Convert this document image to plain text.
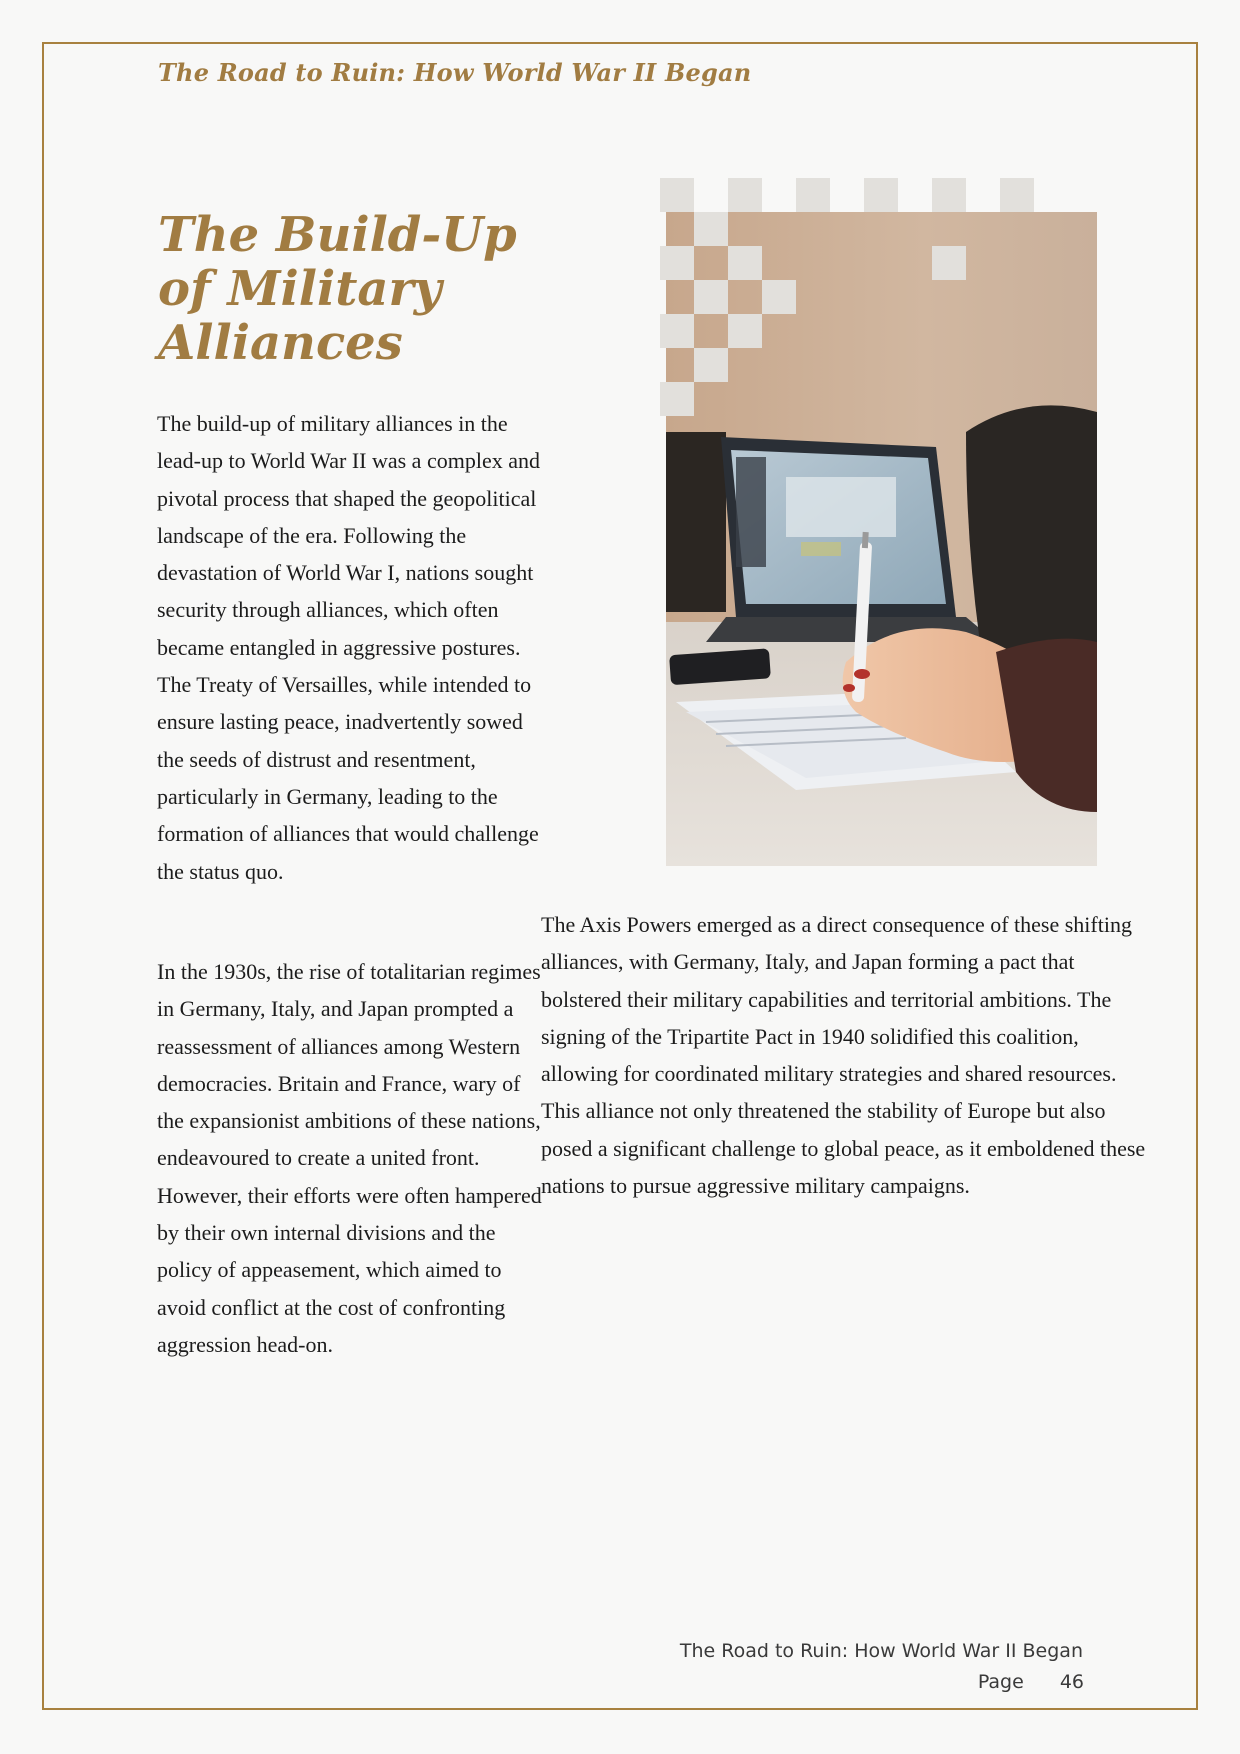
The Road to Ruin: How World War II Began
The Build-Up
of Military
Alliances

The build-up of military alliances in the
lead-up to World War II was a complex and
pivotal process that shaped the geopolitical
landscape of the era. Following the
devastation of World War I, nations sought
security through alliances, which often
became entangled in aggressive postures.
The Treaty of Versailles, while intended to
ensure lasting peace, inadvertently sowed
the seeds of distrust and resentment,
particularly in Germany, leading to the
formation of alliances that would challenge
the status quo.

In the 1930s, the rise of totalitarian regimes
in Germany, Italy, and Japan prompted a
reassessment of alliances among Western
democracies. Britain and France, wary of
the expansionist ambitions of these nations,
endeavoured to create a united front.
However, their efforts were often hampered
by their own internal divisions and the
policy of appeasement, which aimed to
avoid conflict at the cost of confronting
aggression head-on.

The Axis Powers emerged as a direct consequence of these shifting
alliances, with Germany, Italy, and Japan forming a pact that
bolstered their military capabilities and territorial ambitions. The
signing of the Tripartite Pact in 1940 solidified this coalition,
allowing for coordinated military strategies and shared resources.
This alliance not only threatened the stability of Europe but also
posed a significant challenge to global peace, as it emboldened these
nations to pursue aggressive military campaigns.

The Road to Ruin: How World War II Began
Page 46
